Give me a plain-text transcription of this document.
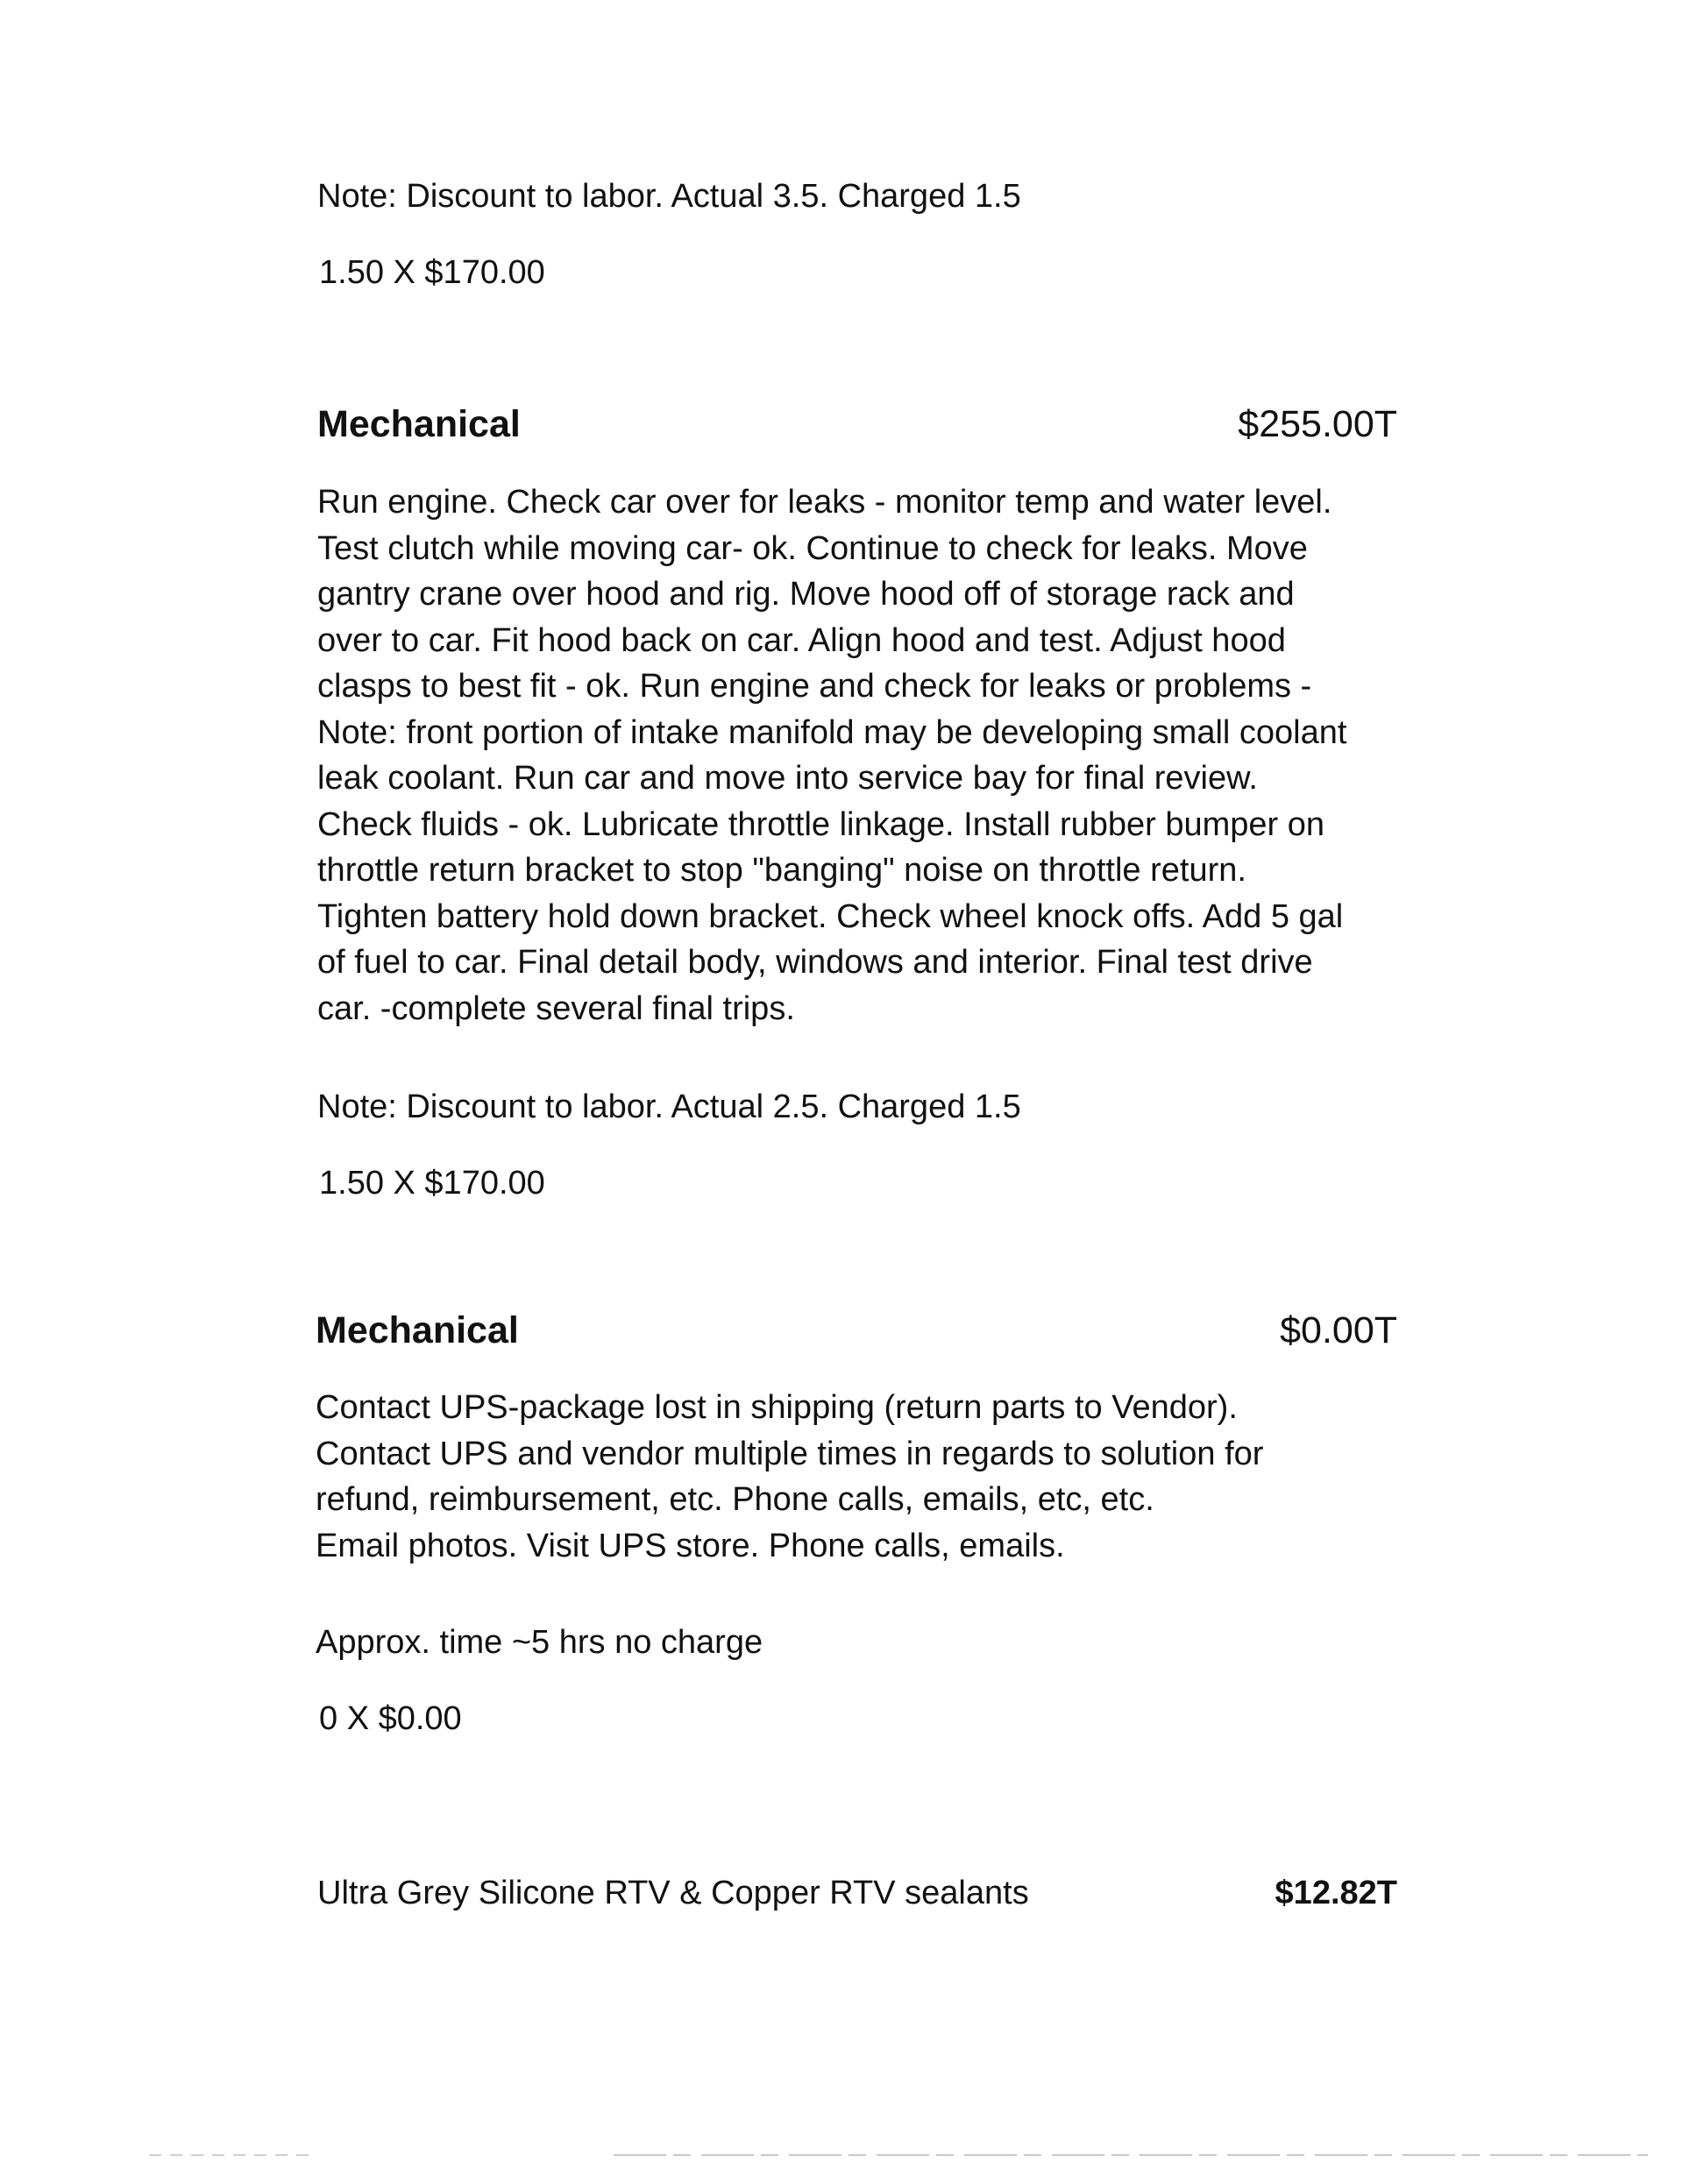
Note: Discount to labor. Actual 3.5. Charged 1.5

1.50 X $170.00

Mechanical	$255.00T

Run engine. Check car over for leaks - monitor temp and water level.
Test clutch while moving car- ok. Continue to check for leaks. Move
gantry crane over hood and rig. Move hood off of storage rack and
over to car. Fit hood back on car. Align hood and test. Adjust hood
clasps to best fit - ok. Run engine and check for leaks or problems -
Note: front portion of intake manifold may be developing small coolant
leak coolant. Run car and move into service bay for final review.
Check fluids - ok. Lubricate throttle linkage. Install rubber bumper on
throttle return bracket to stop "banging" noise on throttle return.
Tighten battery hold down bracket. Check wheel knock offs. Add 5 gal
of fuel to car. Final detail body, windows and interior. Final test drive
car. -complete several final trips.

Note: Discount to labor. Actual 2.5. Charged 1.5

1.50 X $170.00

Mechanical	$0.00T

Contact UPS-package lost in shipping (return parts to Vendor).
Contact UPS and vendor multiple times in regards to solution for
refund, reimbursement, etc. Phone calls, emails, etc, etc.
Email photos. Visit UPS store. Phone calls, emails.

Approx. time ~5 hrs no charge

0 X $0.00

Ultra Grey Silicone RTV & Copper RTV sealants	$12.82T
